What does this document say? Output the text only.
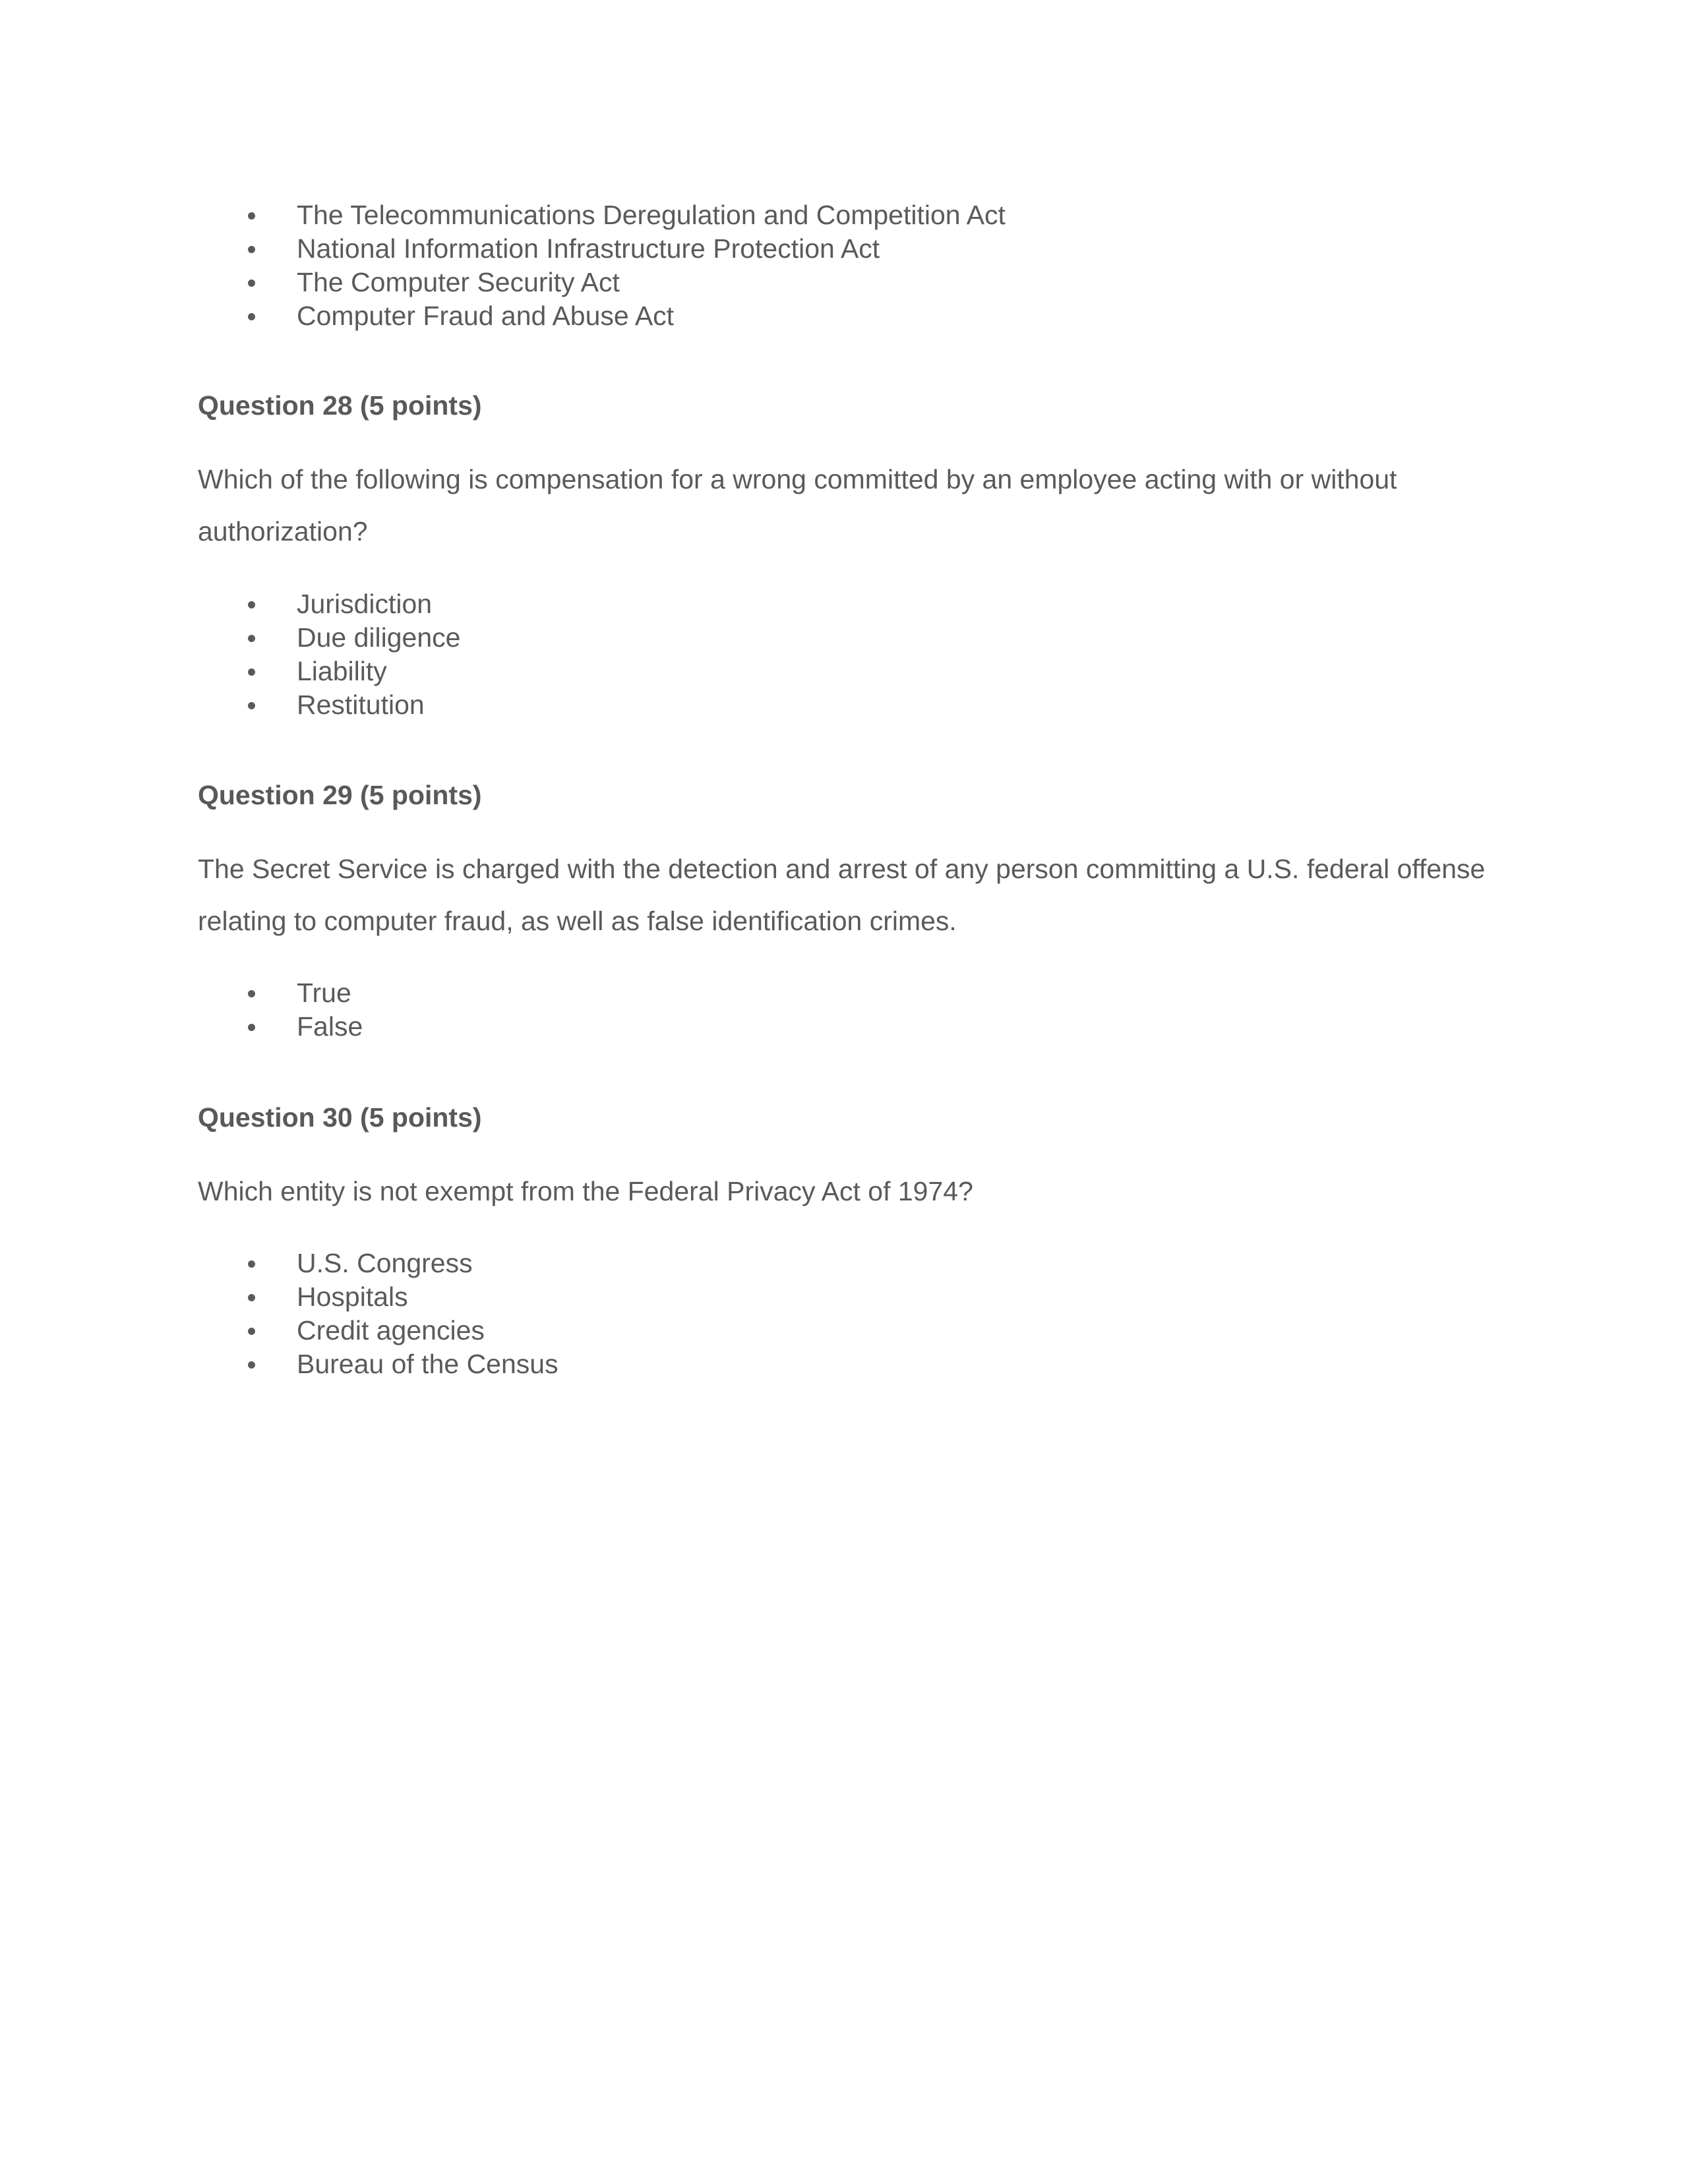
The Telecommunications Deregulation and Competition Act
National Information Infrastructure Protection Act
The Computer Security Act
Computer Fraud and Abuse Act
Question 28 (5 points)
Which of the following is compensation for a wrong committed by an employee acting with or without authorization?
Jurisdiction
Due diligence
Liability
Restitution
Question 29 (5 points)
The Secret Service is charged with the detection and arrest of any person committing a U.S. federal offense relating to computer fraud, as well as false identification crimes.
True
False
Question 30 (5 points)
Which entity is not exempt from the Federal Privacy Act of 1974?
U.S. Congress
Hospitals
Credit agencies
Bureau of the Census
